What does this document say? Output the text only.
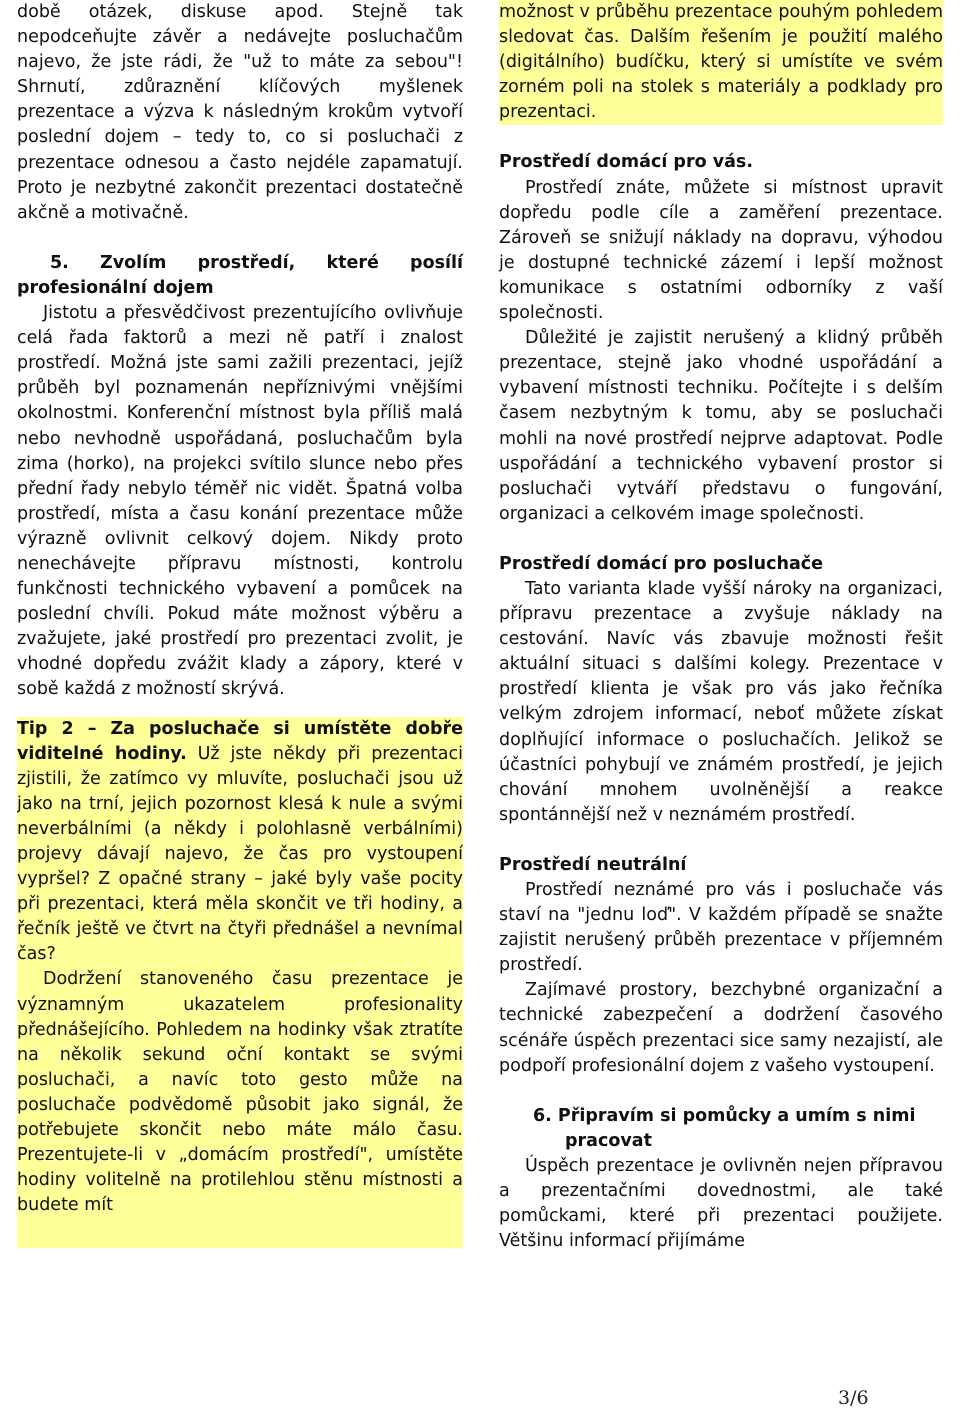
době otázek, diskuse apod. Stejně tak nepodceňujte závěr a nedávejte posluchačům najevo, že jste rádi, že "už to máte za sebou"! Shrnutí, zdůraznění klíčových myšlenek prezentace a výzva k následným krokům vytvoří poslední dojem – tedy to, co si posluchači z prezentace odnesou a často nejdéle zapamatují. Proto je nezbytné zakončit prezentaci dostatečně akčně a motivačně.

5. Zvolím prostředí, které posílí profesionální dojem

Jistotu a přesvědčivost prezentujícího ovlivňuje celá řada faktorů a mezi ně patří i znalost prostředí. Možná jste sami zažili prezentaci, jejíž průběh byl poznamenán nepříznivými vnějšími okolnostmi. Konferenční místnost byla příliš malá nebo nevhodně uspořádaná, posluchačům byla zima (horko), na projekci svítilo slunce nebo přes přední řady nebylo téměř nic vidět. Špatná volba prostředí, místa a času konání prezentace může výrazně ovlivnit celkový dojem. Nikdy proto nenechávejte přípravu místnosti, kontrolu funkčnosti technického vybavení a pomůcek na poslední chvíli. Pokud máte možnost výběru a zvažujete, jaké prostředí pro prezentaci zvolit, je vhodné dopředu zvážit klady a zápory, které v sobě každá z možností skrývá.

Tip 2 – Za posluchače si umístěte dobře viditelné hodiny. Už jste někdy při prezentaci zjistili, že zatímco vy mluvíte, posluchači jsou už jako na trní, jejich pozornost klesá k nule a svými neverbálními (a někdy i polohlasně verbálními) projevy dávají najevo, že čas pro vystoupení vypršel? Z opačné strany – jaké byly vaše pocity při prezentaci, která měla skončit ve tři hodiny, a řečník ještě ve čtvrt na čtyři přednášel a nevnímal čas?

Dodržení stanoveného času prezentace je významným ukazatelem profesionality přednášejícího. Pohledem na hodinky však ztratíte na několik sekund oční kontakt se svými posluchači, a navíc toto gesto může na posluchače podvědomě působit jako signál, že potřebujete skončit nebo máte málo času. Prezentujete-li v „domácím prostředí", umístěte hodiny volitelně na protilehlou stěnu místnosti a budete mít

možnost v průběhu prezentace pouhým pohledem sledovat čas. Dalším řešením je použití malého (digitálního) budíčku, který si umístíte ve svém zorném poli na stolek s materiály a podklady pro prezentaci.

Prostředí domácí pro vás.

Prostředí znáte, můžete si místnost upravit dopředu podle cíle a zaměření prezentace. Zároveň se snižují náklady na dopravu, výhodou je dostupné technické zázemí i lepší možnost komunikace s ostatními odborníky z vaší společnosti.

Důležité je zajistit nerušený a klidný průběh prezentace, stejně jako vhodné uspořádání a vybavení místnosti techniku. Počítejte i s delším časem nezbytným k tomu, aby se posluchači mohli na nové prostředí nejprve adaptovat. Podle uspořádání a technického vybavení prostor si posluchači vytváří představu o fungování, organizaci a celkovém image společnosti.

Prostředí domácí pro posluchače

Tato varianta klade vyšší nároky na organizaci, přípravu prezentace a zvyšuje náklady na cestování. Navíc vás zbavuje možnosti řešit aktuální situaci s dalšími kolegy. Prezentace v prostředí klienta je však pro vás jako řečníka velkým zdrojem informací, neboť můžete získat doplňující informace o posluchačích. Jelikož se účastníci pohybují ve známém prostředí, je jejich chování mnohem uvolněnější a reakce spontánnější než v neznámém prostředí.

Prostředí neutrální

Prostředí neznámé pro vás i posluchače vás staví na "jednu loď". V každém případě se snažte zajistit nerušený průběh prezentace v příjemném prostředí.

Zajímavé prostory, bezchybné organizační a technické zabezpečení a dodržení časového scénáře úspěch prezentaci sice samy nezajistí, ale podpoří profesionální dojem z vašeho vystoupení.

6. Připravím si pomůcky a umím s nimi pracovat

Úspěch prezentace je ovlivněn nejen přípravou a prezentačními dovednostmi, ale také pomůckami, které při prezentaci použijete. Většinu informací přijímáme

3/6
